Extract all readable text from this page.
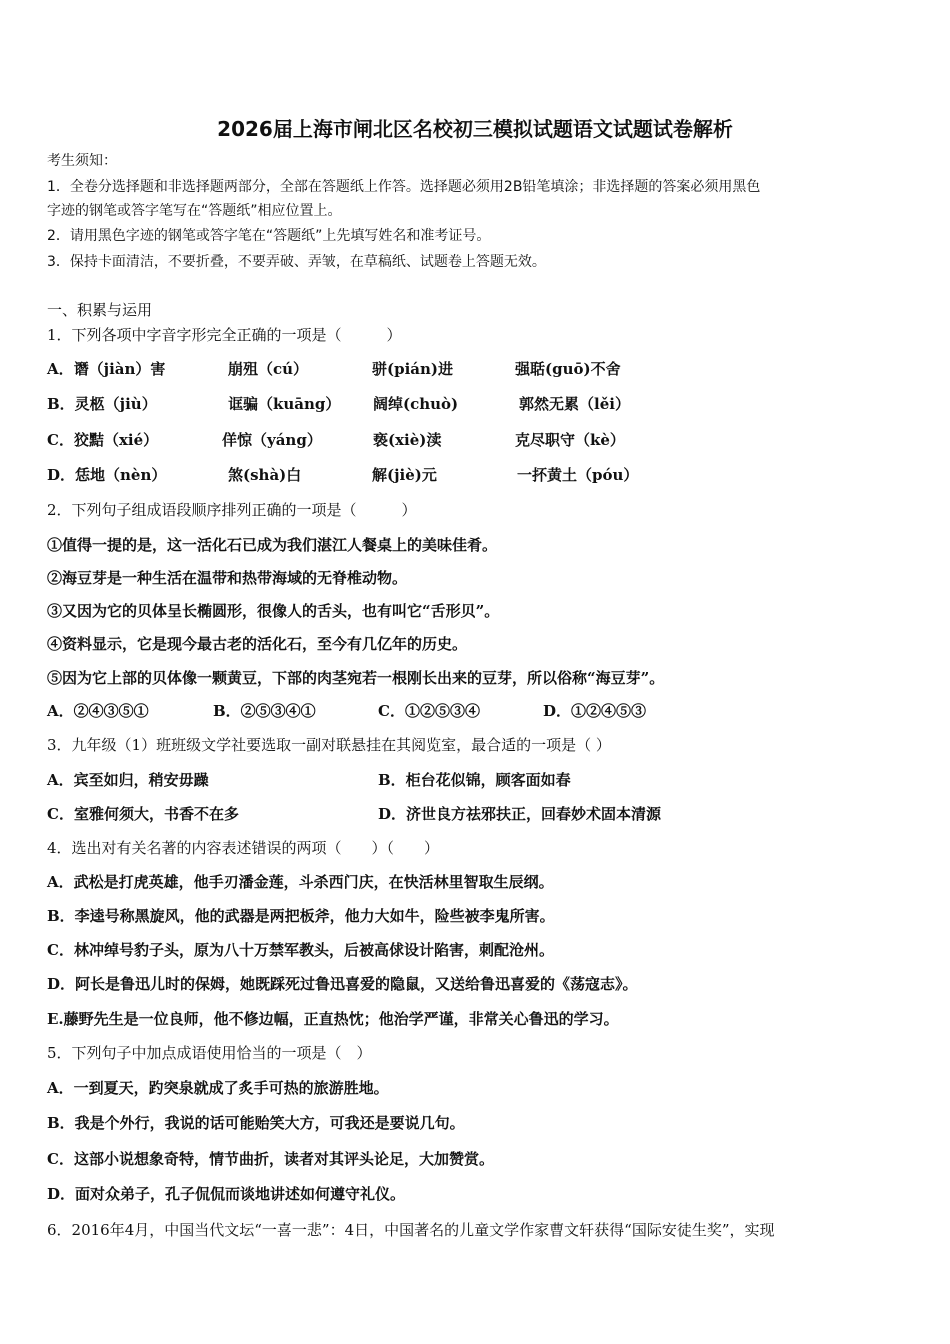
2026届上海市闸北区名校初三模拟试题语文试题试卷解析
考生须知：
1．全卷分选择题和非选择题两部分，全部在答题纸上作答。选择题必须用2B铅笔填涂；非选择题的答案必须用黑色
字迹的钢笔或答字笔写在“答题纸”相应位置上。
2．请用黑色字迹的钢笔或答字笔在“答题纸”上先填写姓名和准考证号。
3．保持卡面清洁，不要折叠，不要弄破、弄皱，在草稿纸、试题卷上答题无效。
一、积累与运用
1．下列各项中字音字形完全正确的一项是（　　　）
A．谮（jiàn）害	崩殂（cú）	骈(pián)进	强聒(guō)不舍
B．灵柩（jiù）	诓骗（kuāng） 阔绰(chuò)	郭然无累（lěi）
C．狡黠（xié）	佯惊（yáng）	亵(xiè)渎	克尽职守（kè）
D．恁地（nèn）	煞(shà)白	解(jiè)元	一抔黄土（póu）
2．下列句子组成语段顺序排列正确的一项是（　　　）
①值得一提的是，这一活化石已成为我们湛江人餐桌上的美味佳肴。
②海豆芽是一种生活在温带和热带海域的无脊椎动物。
③又因为它的贝体呈长椭圆形，很像人的舌头，也有叫它“舌形贝”。
④资料显示，它是现今最古老的活化石，至今有几亿年的历史。
⑤因为它上部的贝体像一颗黄豆，下部的肉茎宛若一根刚长出来的豆芽，所以俗称“海豆芽”。
A．②④③⑤①	B．②⑤③④①	C．①②⑤③④	D．①②④⑤③
3．九年级（1）班班级文学社要选取一副对联悬挂在其阅览室，最合适的一项是（ ）
A．宾至如归，稍安毋躁	B．柜台花似锦，顾客面如春
C．室雅何须大，书香不在多	D．济世良方祛邪扶正，回春妙术固本清源
4．选出对有关名著的内容表述错误的两项（　　）（　　）
A．武松是打虎英雄，他手刃潘金莲，斗杀西门庆，在快活林里智取生辰纲。
B．李逵号称黑旋风，他的武器是两把板斧，他力大如牛，险些被李鬼所害。
C．林冲绰号豹子头，原为八十万禁军教头，后被高俅设计陷害，刺配沧州。
D．阿长是鲁迅儿时的保姆，她既踩死过鲁迅喜爱的隐鼠，又送给鲁迅喜爱的《荡寇志》。
E.藤野先生是一位良师，他不修边幅，正直热忱；他治学严谨，非常关心鲁迅的学习。
5．下列句子中加点成语使用恰当的一项是（　）
A．一到夏天，趵突泉就成了炙手可热的旅游胜地。
B．我是个外行，我说的话可能贻笑大方，可我还是要说几句。
C．这部小说想象奇特，情节曲折，读者对其评头论足，大加赞赏。
D．面对众弟子，孔子侃侃而谈地讲述如何遵守礼仪。
6．2016年4月，中国当代文坛“一喜一悲”：4日，中国著名的儿童文学作家曹文轩获得“国际安徒生奖”，实现
